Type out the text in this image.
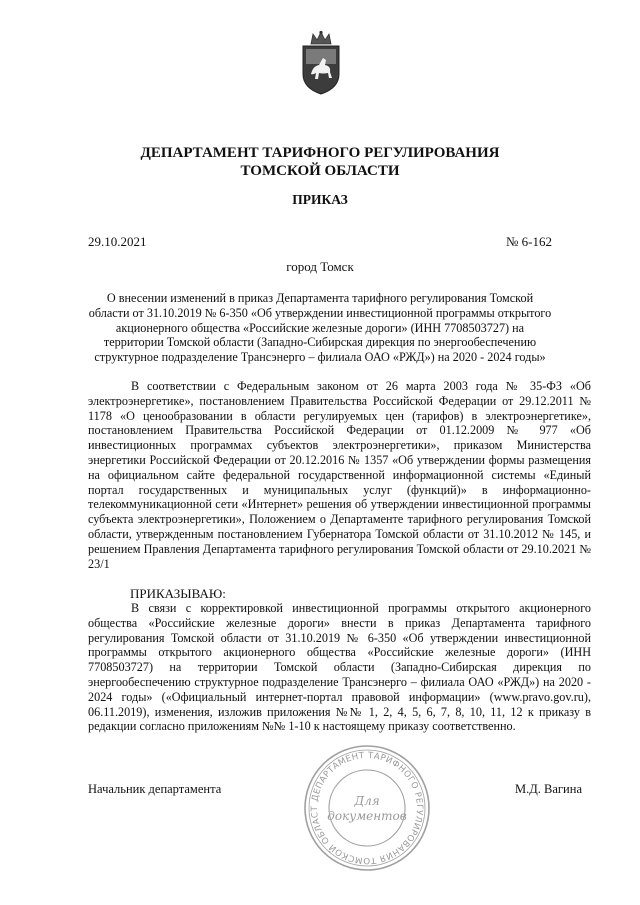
ДЕПАРТАМЕНТ ТАРИФНОГО РЕГУЛИРОВАНИЯ
ТОМСКОЙ ОБЛАСТИ
ПРИКАЗ
29.10.2021	№ 6-162
город Томск
О внесении изменений в приказ Департамента тарифного регулирования Томской области от 31.10.2019 № 6-350 «Об утверждении инвестиционной программы открытого акционерного общества «Российские железные дороги» (ИНН 7708503727) на территории Томской области (Западно-Сибирская дирекция по энергообеспечению структурное подразделение Трансэнерго – филиала ОАО «РЖД») на 2020 - 2024 годы»
В соответствии с Федеральным законом от 26 марта 2003 года № 35-ФЗ «Об электроэнергетике», постановлением Правительства Российской Федерации от 29.12.2011 № 1178 «О ценообразовании в области регулируемых цен (тарифов) в электроэнергетике», постановлением Правительства Российской Федерации от 01.12.2009 № 977 «Об инвестиционных программах субъектов электроэнергетики», приказом Министерства энергетики Российской Федерации от 20.12.2016 № 1357 «Об утверждении формы размещения на официальном сайте федеральной государственной информационной системы «Единый портал государственных и муниципальных услуг (функций)» в информационно-телекоммуникационной сети «Интернет» решения об утверждении инвестиционной программы субъекта электроэнергетики», Положением о Департаменте тарифного регулирования Томской области, утвержденным постановлением Губернатора Томской области от 31.10.2012 № 145, и решением Правления Департамента тарифного регулирования Томской области от 29.10.2021 № 23/1
ПРИКАЗЫВАЮ:
В связи с корректировкой инвестиционной программы открытого акционерного общества «Российские железные дороги» внести в приказ Департамента тарифного регулирования Томской области от 31.10.2019 № 6-350 «Об утверждении инвестиционной программы открытого акционерного общества «Российские железные дороги» (ИНН 7708503727) на территории Томской области (Западно-Сибирская дирекция по энергообеспечению структурное подразделение Трансэнерго – филиала ОАО «РЖД») на 2020 - 2024 годы» («Официальный интернет-портал правовой информации» (www.pravo.gov.ru), 06.11.2019), изменения, изложив приложения №№ 1, 2, 4, 5, 6, 7, 8, 10, 11, 12 к приказу в редакции согласно приложениям №№ 1-10 к настоящему приказу соответственно.
Начальник департамента	М.Д. Вагина
ДЕПАРТАМЕНТ ТАРИФНОГО РЕГУЛИРОВАНИЯ ТОМСКОЙ ОБЛАСТ
Для
документов
